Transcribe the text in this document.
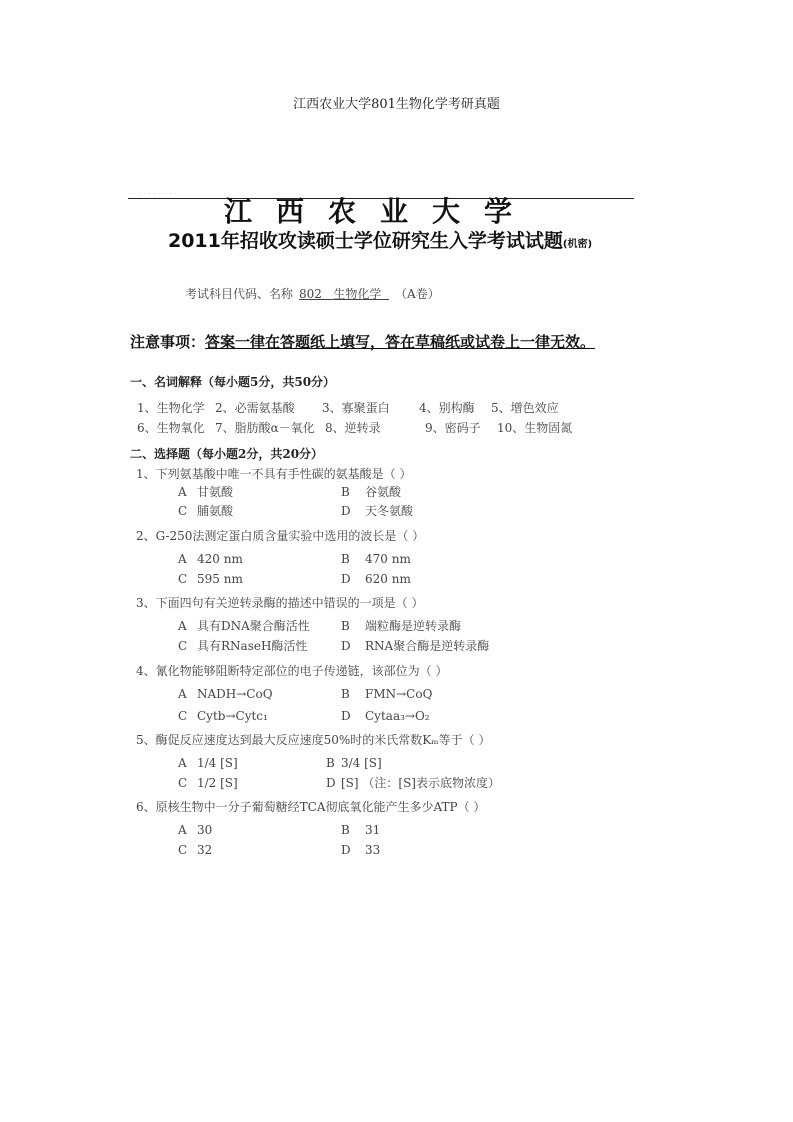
江西农业大学801生物化学考研真题
· · · · · · · · · ·
江西农业大学
2011年招收攻读硕士学位研究生入学考试试题(机密)
考试科目代码、名称 802 生物化学 （A卷）
注意事项：答案一律在答题纸上填写，答在草稿纸或试卷上一律无效。
一、名词解释（每小题5分，共50分）
1、生物化学 2、必需氨基酸 3、寡聚蛋白 4、别构酶 5、增色效应
6、生物氧化 7、脂肪酸α－氧化 8、逆转录	9、密码子 10、生物固氮
二、选择题（每小题2分，共20分）
1、下列氨基酸中唯一不具有手性碳的氨基酸是（ ）
A 甘氨酸	B 谷氨酸
C 脯氨酸	D 天冬氨酸
2、G-250法测定蛋白质含量实验中选用的波长是（ ）
A 420 nm	B 470 nm
C 595 nm	D 620 nm
3、下面四句有关逆转录酶的描述中错误的一项是（ ）
A 具有DNA聚合酶活性	B 端粒酶是逆转录酶
C 具有RNaseH酶活性	D RNA聚合酶是逆转录酶
4、氰化物能够阻断特定部位的电子传递链，该部位为（ ）
A NADH→CoQ	B FMN→CoQ
C Cytb→Cytc₁	D Cytaa₃→O₂
5、酶促反应速度达到最大反应速度50%时的米氏常数Kₘ等于（ ）
A 1/4 [S]	B 3/4 [S]
C 1/2 [S]	D [S] （注：[S]表示底物浓度）
6、原核生物中一分子葡萄糖经TCA彻底氧化能产生多少ATP（ ）
A 30	B 31
C 32	D 33
